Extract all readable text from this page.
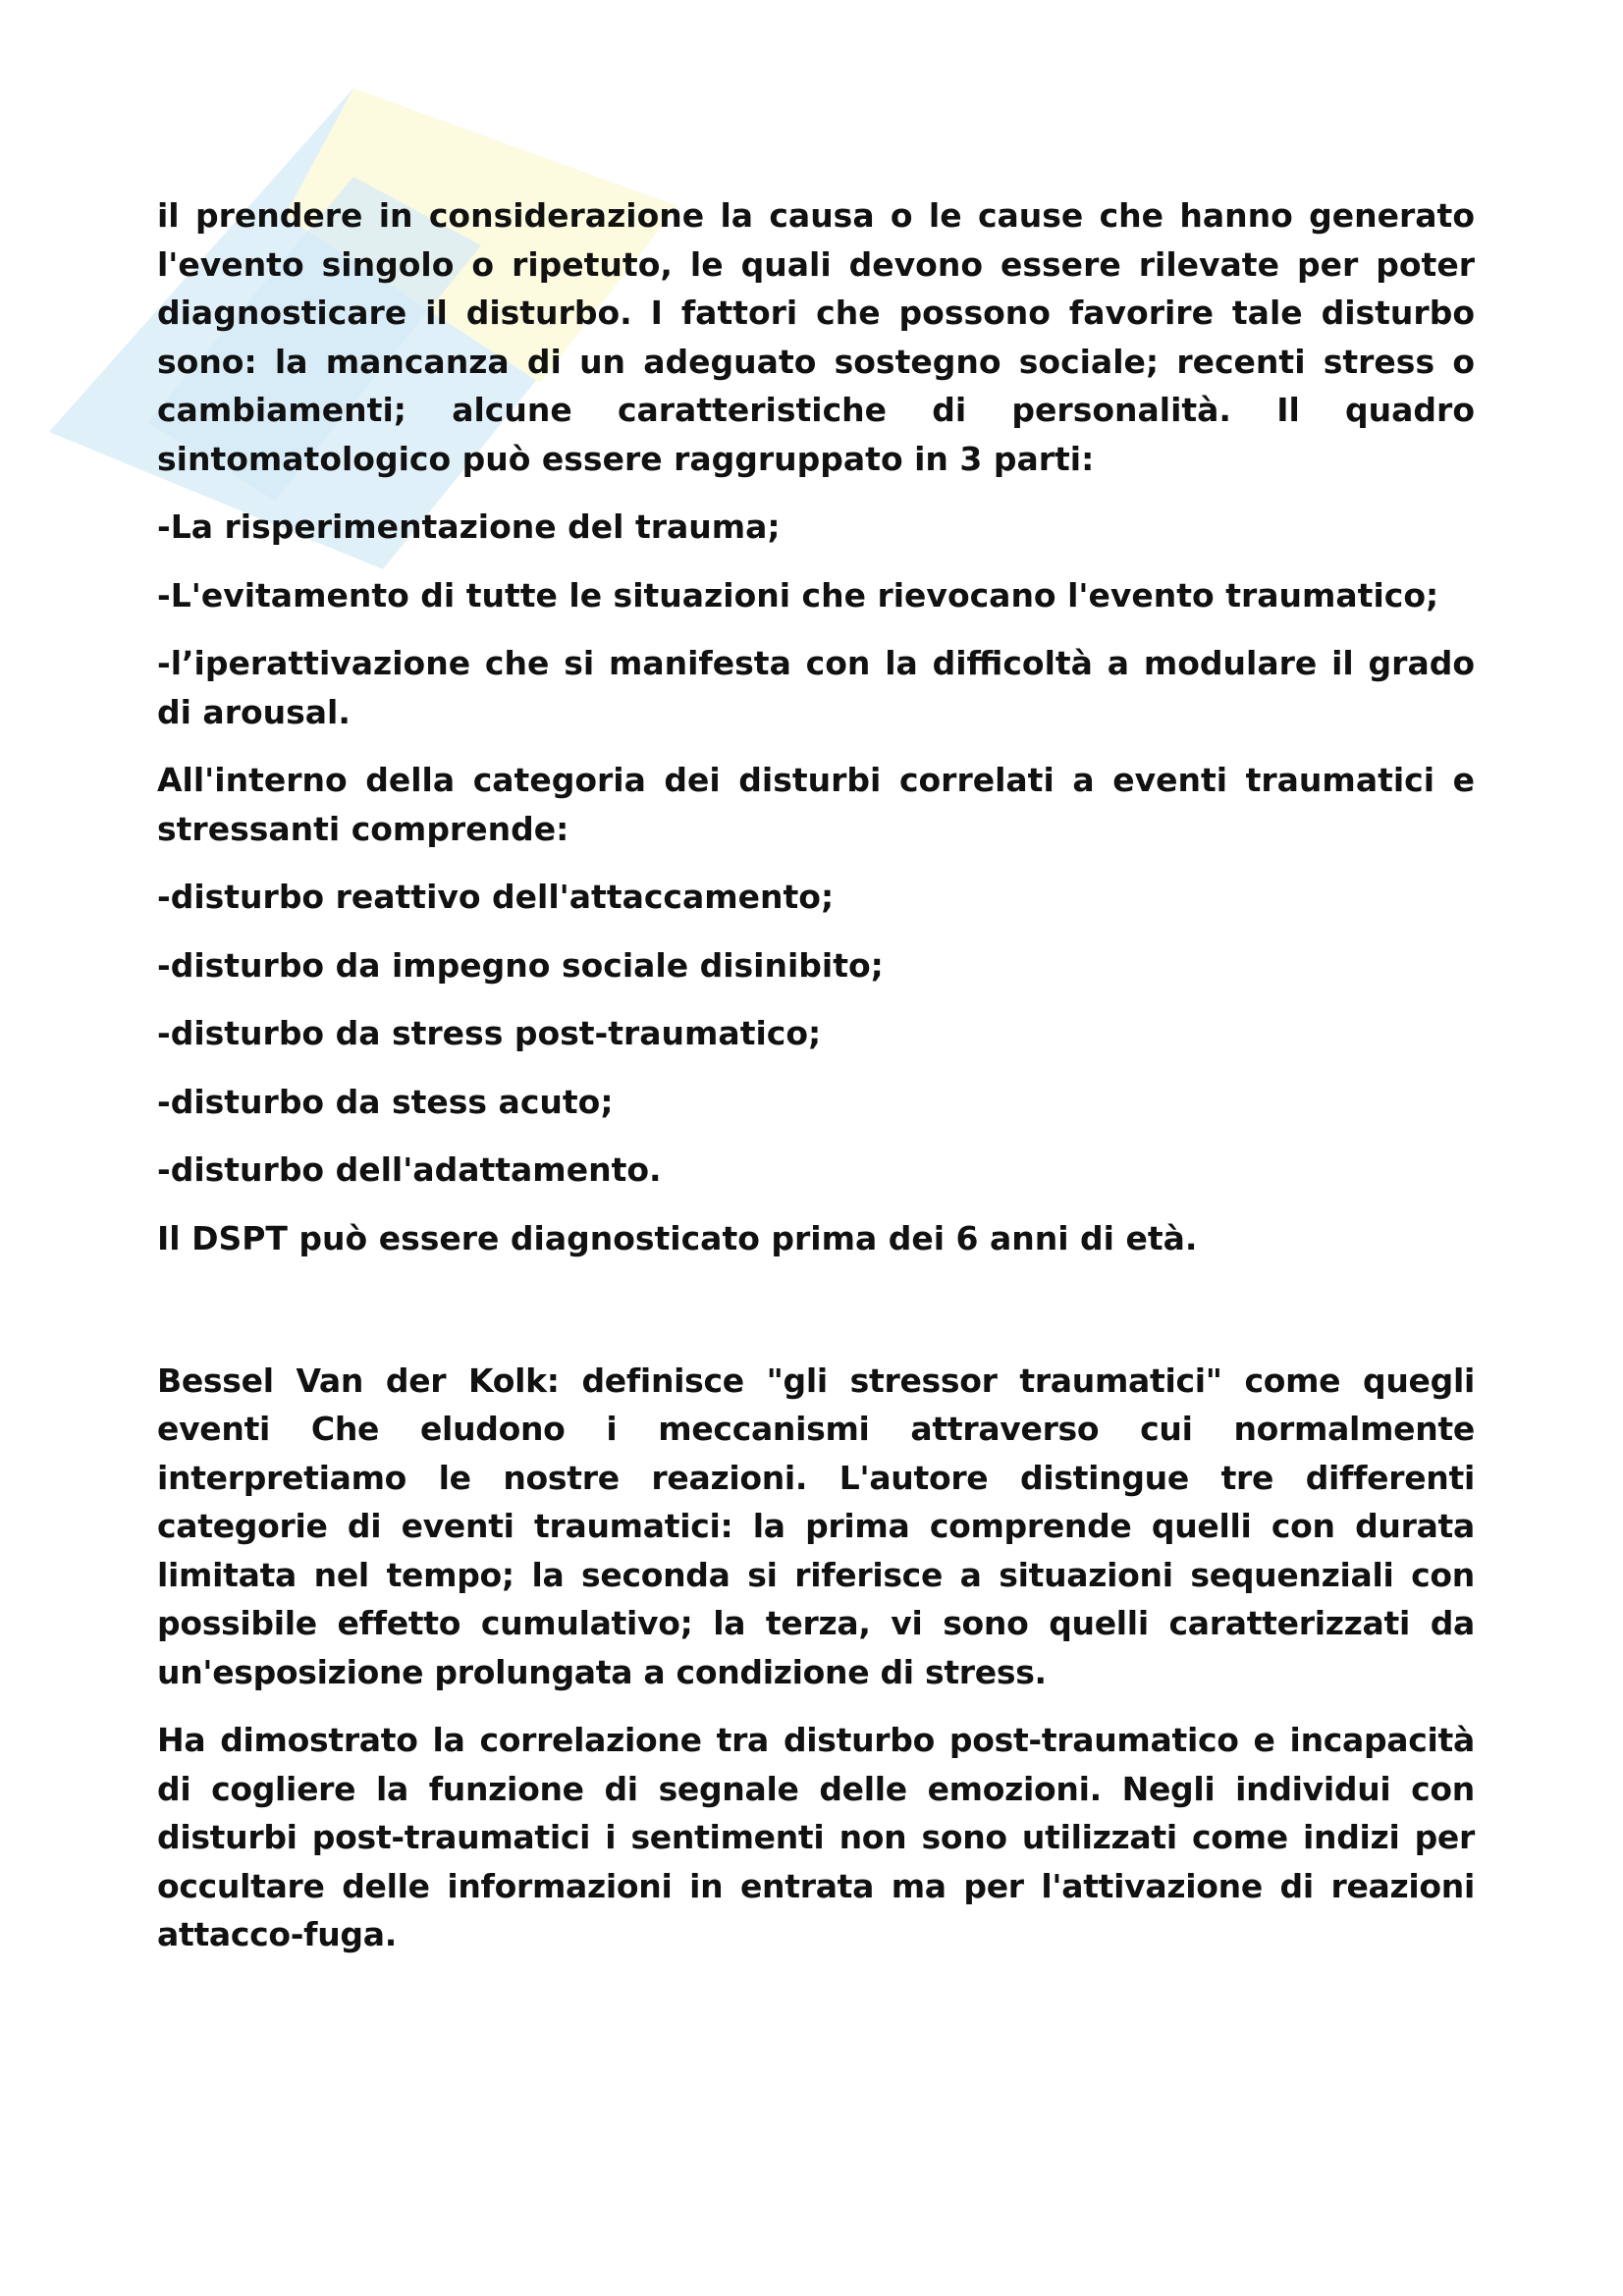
il prendere in considerazione la causa o le cause che hanno generato l'evento singolo o ripetuto, le quali devono essere rilevate per poter diagnosticare il disturbo. I fattori che possono favorire tale disturbo sono: la mancanza di un adeguato sostegno sociale; recenti stress o cambiamenti; alcune caratteristiche di personalità. Il quadro sintomatologico può essere raggruppato in 3 parti:

-La risperimentazione del trauma;

-L'evitamento di tutte le situazioni che rievocano l'evento traumatico;

-l’iperattivazione che si manifesta con la difficoltà a modulare il grado di arousal.

All'interno della categoria dei disturbi correlati a eventi traumatici e stressanti comprende:

-disturbo reattivo dell'attaccamento;

-disturbo da impegno sociale disinibito;

-disturbo da stress post-traumatico;

-disturbo da stess acuto;

-disturbo dell'adattamento.

Il DSPT può essere diagnosticato prima dei 6 anni di età.

Bessel Van der Kolk: definisce "gli stressor traumatici" come quegli eventi Che eludono i meccanismi attraverso cui normalmente interpretiamo le nostre reazioni. L'autore distingue tre differenti categorie di eventi traumatici: la prima comprende quelli con durata limitata nel tempo; la seconda si riferisce a situazioni sequenziali con possibile effetto cumulativo; la terza, vi sono quelli caratterizzati da un'esposizione prolungata a condizione di stress.

Ha dimostrato la correlazione tra disturbo post-traumatico e incapacità di cogliere la funzione di segnale delle emozioni. Negli individui con disturbi post-traumatici i sentimenti non sono utilizzati come indizi per occultare delle informazioni in entrata ma per l'attivazione di reazioni attacco-fuga.
